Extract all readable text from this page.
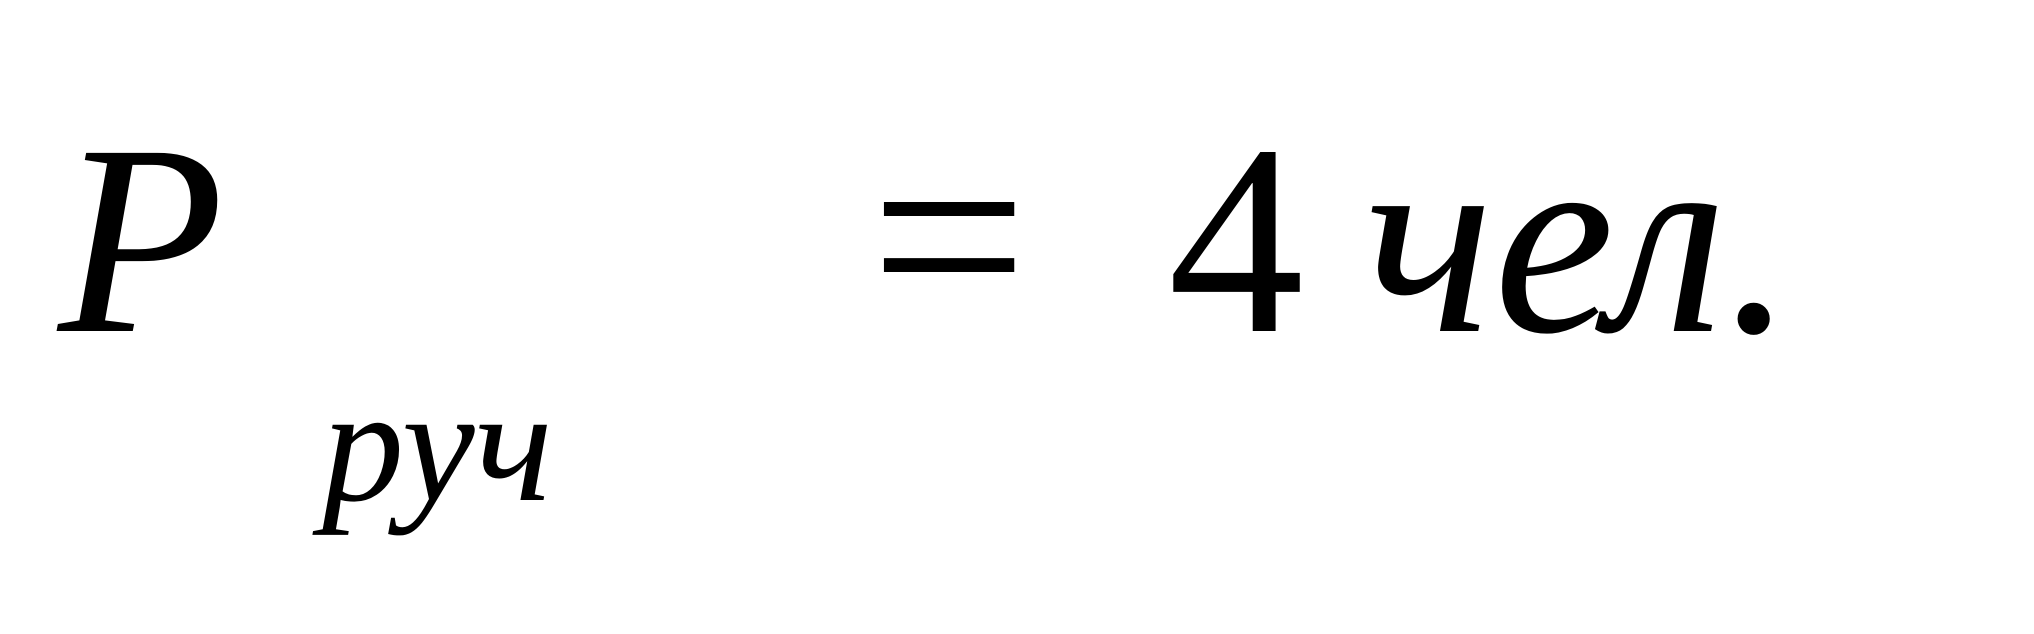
P
руч
= 4 чел.
